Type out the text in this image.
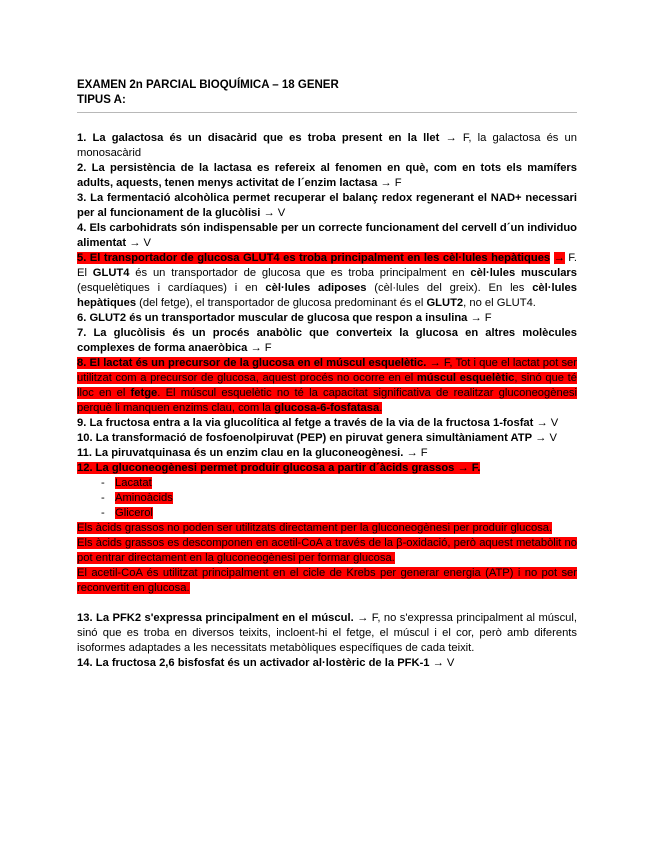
EXAMEN 2n PARCIAL BIOQUÍMICA – 18 GENER
TIPUS A:

1. La galactosa és un disacàrid que es troba present en la llet → F, la galactosa és un monosacàrid

2. La persistència de la lactasa es refereix al fenomen en què, com en tots els mamífers adults, aquests, tenen menys activitat de l´enzim lactasa → F

3. La fermentació alcohòlica permet recuperar el balanç redox regenerant el NAD+ necessari per al funcionament de la glucòlisi → V

4. Els carbohidrats són indispensable per un correcte funcionament del cervell d´un individuo alimentat → V

5. El transportador de glucosa GLUT4 es troba principalment en les cèl·lules hepàtiques → F. El GLUT4 és un transportador de glucosa que es troba principalment en cèl·lules musculars (esquelètiques i cardíaques) i en cèl·lules adiposes (cèl·lules del greix). En les cèl·lules hepàtiques (del fetge), el transportador de glucosa predominant és el GLUT2, no el GLUT4.

6. GLUT2 és un transportador muscular de glucosa que respon a insulina → F

7. La glucòlisis és un procés anabòlic que converteix la glucosa en altres molècules complexes de forma anaeròbica → F

8. El lactat és un precursor de la glucosa en el múscul esquelètic. → F, Tot i que el lactat pot ser utilitzat com a precursor de glucosa, aquest procés no ocorre en el múscul esquelètic, sinó que té lloc en el fetge. El múscul esquelètic no té la capacitat significativa de realitzar gluconeogènesi perquè li manquen enzims clau, com la glucosa-6-fosfatasa.

9. La fructosa entra a la via glucolítica al fetge a través de la via de la fructosa 1-fosfat → V

10. La transformació de fosfoenolpiruvat (PEP) en piruvat genera simultàniament ATP → V

11. La piruvatquinasa és un enzim clau en la gluconeogènesi. → F

12. La gluconeogènesi permet produir glucosa a partir d´àcids grassos → F.

- Lacatat
- Aminoàcids
- Glicerol

Els àcids grassos no poden ser utilitzats directament per la gluconeogènesi per produir glucosa.

Els àcids grassos es descomponen en acetil-CoA a través de la β-oxidació, però aquest metabòlit no pot entrar directament en la gluconeogènesi per formar glucosa.

El acetil-CoA és utilitzat principalment en el cicle de Krebs per generar energia (ATP) i no pot ser reconvertit en glucosa.

13. La PFK2 s'expressa principalment en el múscul. → F, no s'expressa principalment al múscul, sinó que es troba en diversos teixits, incloent-hi el fetge, el múscul i el cor, però amb diferents isoformes adaptades a les necessitats metabòliques específiques de cada teixit.

14. La fructosa 2,6 bisfosfat és un activador al·lostèric de la PFK-1 → V
